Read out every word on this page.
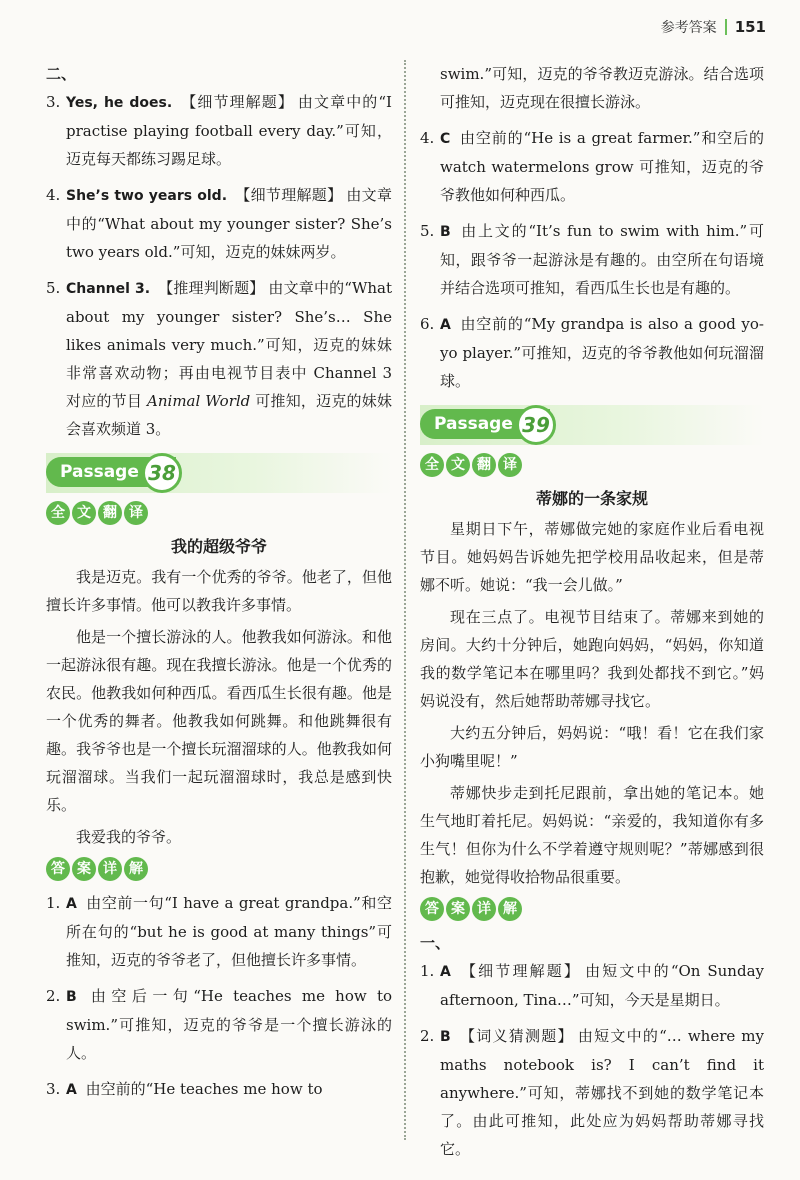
参考答案 151

二、

3. Yes, he does. 【细节理解题】 由文章中的“I practise playing football every day.”可知，迈克每天都练习踢足球。
4. She’s two years old. 【细节理解题】 由文章中的“What about my younger sister? She’s two years old.”可知，迈克的妹妹两岁。
5. Channel 3. 【推理判断题】 由文章中的“What about my younger sister? She’s… She likes animals very much.”可知，迈克的妹妹非常喜欢动物；再由电视节目表中 Channel 3 对应的节目 Animal World 可推知，迈克的妹妹会喜欢频道 3。
Passage 38
全 文 翻 译
我的超级爷爷

我是迈克。我有一个优秀的爷爷。他老了，但他擅长许多事情。他可以教我许多事情。

他是一个擅长游泳的人。他教我如何游泳。和他一起游泳很有趣。现在我擅长游泳。他是一个优秀的农民。他教我如何种西瓜。看西瓜生长很有趣。他是一个优秀的舞者。他教我如何跳舞。和他跳舞很有趣。我爷爷也是一个擅长玩溜溜球的人。他教我如何玩溜溜球。当我们一起玩溜溜球时，我总是感到快乐。

我爱我的爷爷。

答 案 详 解
1. A 由空前一句“I have a great grandpa.”和空所在句的“but he is good at many things”可推知，迈克的爷爷老了，但他擅长许多事情。
2. B 由空后一句“He teaches me how to swim.”可推知，迈克的爷爷是一个擅长游泳的人。
3. A 由空前的“He teaches me how to

swim.”可知，迈克的爷爷教迈克游泳。结合选项可推知，迈克现在很擅长游泳。

4. C 由空前的“He is a great farmer.”和空后的 watch watermelons grow 可推知，迈克的爷爷教他如何种西瓜。
5. B 由上文的“It’s fun to swim with him.”可知，跟爷爷一起游泳是有趣的。由空所在句语境并结合选项可推知，看西瓜生长也是有趣的。
6. A 由空前的“My grandpa is also a good yo-yo player.”可推知，迈克的爷爷教他如何玩溜溜球。
Passage 39
全 文 翻 译
蒂娜的一条家规

星期日下午，蒂娜做完她的家庭作业后看电视节目。她妈妈告诉她先把学校用品收起来，但是蒂娜不听。她说：“我一会儿做。”

现在三点了。电视节目结束了。蒂娜来到她的房间。大约十分钟后，她跑向妈妈，“妈妈，你知道我的数学笔记本在哪里吗？我到处都找不到它。”妈妈说没有，然后她帮助蒂娜寻找它。

大约五分钟后，妈妈说：“哦！看！它在我们家小狗嘴里呢！”

蒂娜快步走到托尼跟前，拿出她的笔记本。她生气地盯着托尼。妈妈说：“亲爱的，我知道你有多生气！但你为什么不学着遵守规则呢？”蒂娜感到很抱歉，她觉得收拾物品很重要。

答 案 详 解

一、

1. A 【细节理解题】 由短文中的“On Sunday afternoon, Tina…”可知，今天是星期日。
2. B 【词义猜测题】 由短文中的“… where my maths notebook is? I can’t find it anywhere.”可知，蒂娜找不到她的数学笔记本了。由此可推知，此处应为妈妈帮助蒂娜寻找它。
